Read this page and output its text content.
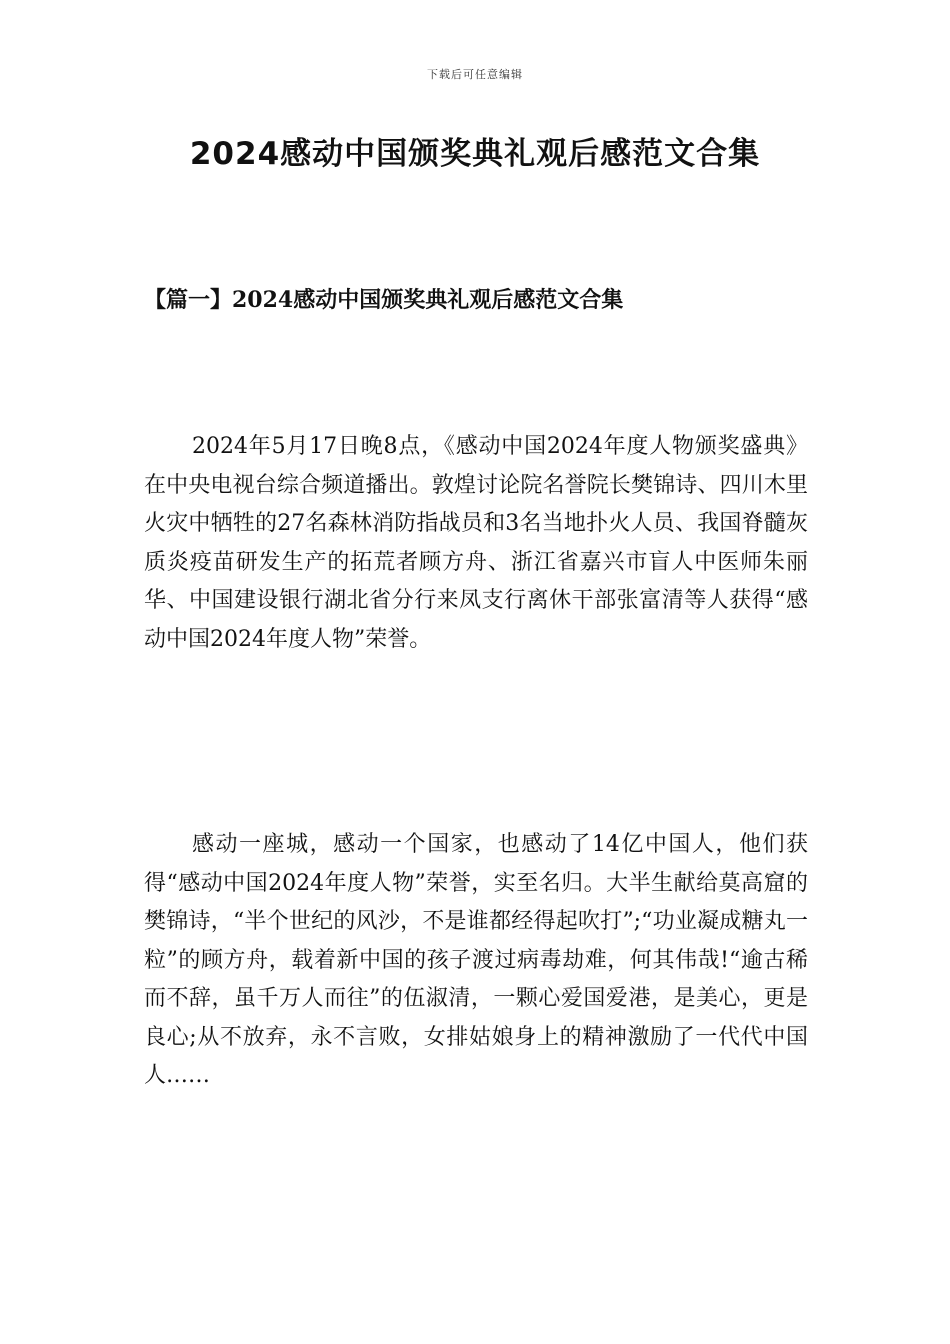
下载后可任意编辑
2024感动中国颁奖典礼观后感范文合集
【篇一】2024感动中国颁奖典礼观后感范文合集

2024年5月17日晚8点，《感动中国2024年度人物颁奖盛典》在中央电视台综合频道播出。敦煌讨论院名誉院长樊锦诗、四川木里火灾中牺牲的27名森林消防指战员和3名当地扑火人员、我国脊髓灰质炎疫苗研发生产的拓荒者顾方舟、浙江省嘉兴市盲人中医师朱丽华、中国建设银行湖北省分行来凤支行离休干部张富清等人获得“感动中国2024年度人物”荣誉。

感动一座城，感动一个国家，也感动了14亿中国人，他们获得“感动中国2024年度人物”荣誉，实至名归。大半生献给莫高窟的樊锦诗，“半个世纪的风沙，不是谁都经得起吹打”;“功业凝成糖丸一粒”的顾方舟，载着新中国的孩子渡过病毒劫难，何其伟哉!“逾古稀而不辞，虽千万人而往”的伍淑清，一颗心爱国爱港，是美心，更是良心;从不放弃，永不言败，女排姑娘身上的精神激励了一代代中国人……
